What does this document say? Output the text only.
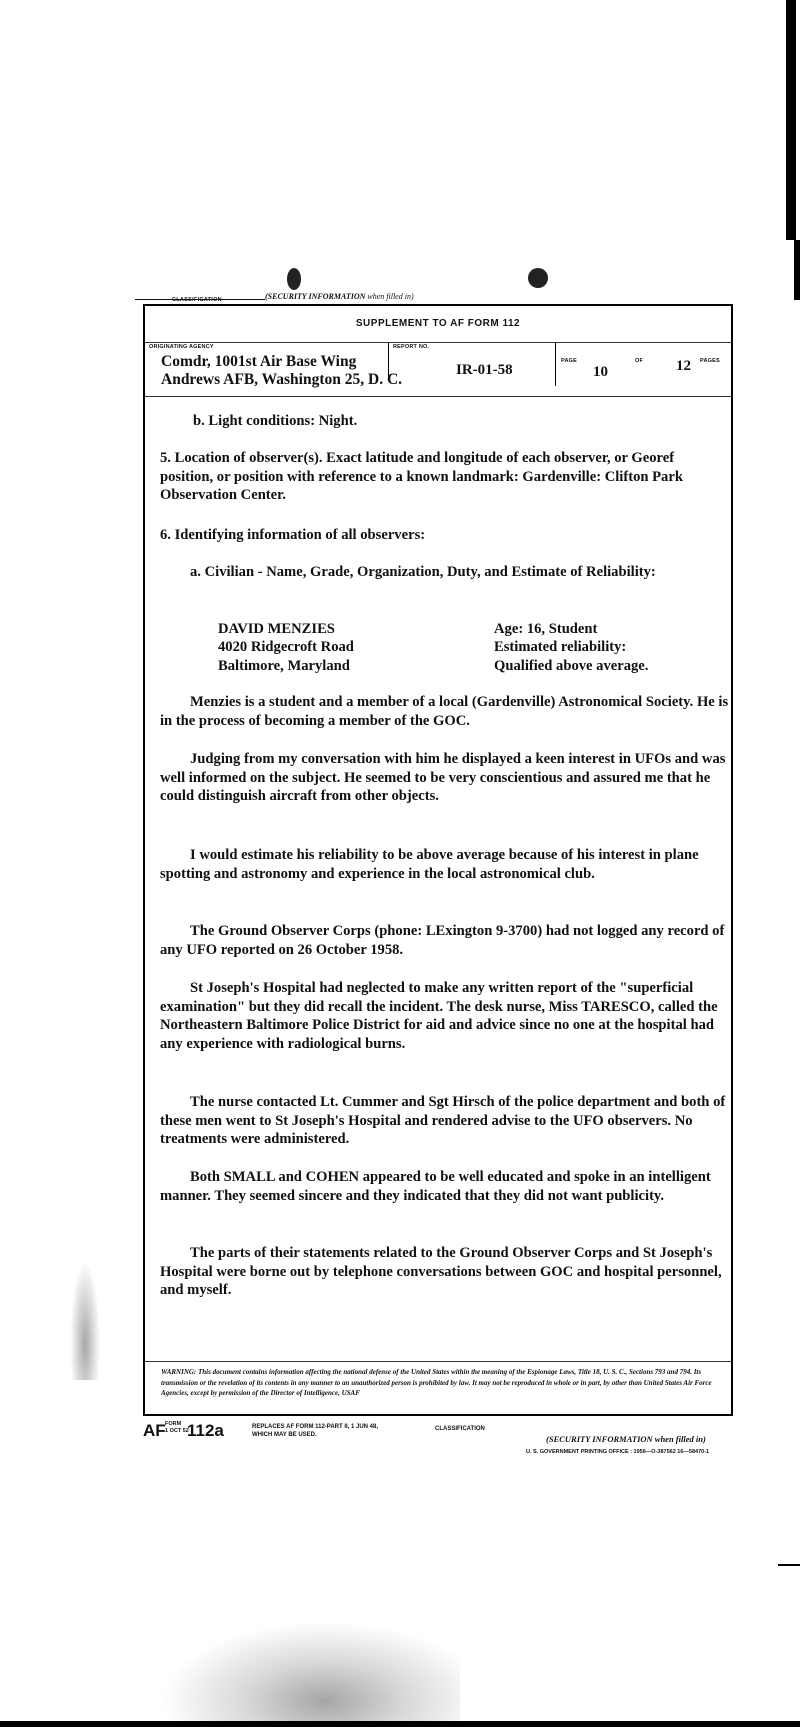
CLASSIFICATION	(SECURITY INFORMATION when filled in)
SUPPLEMENT TO AF FORM 112
ORIGINATING AGENCY
Comdr, 1001st Air Base Wing
Andrews AFB, Washington 25, D. C.
REPORT NO.
IR-01-58
PAGE
10
OF 12 PAGES
WARNING: This document contains information affecting the national defense of the United States within the meaning of the Espionage Laws, Title 18, U. S. C., Sections 793 and 794. Its transmission or the revelation of its contents in any manner to an unauthorized person is prohibited by law. It may not be reproduced in whole or in part, by other than United States Air Force Agencies, except by permission of the Director of Intelligence, USAF
b. Light conditions: Night.
5. Location of observer(s). Exact latitude and longitude of each observer, or Georef position, or position with reference to a known landmark: Gardenville: Clifton Park Observation Center.
6. Identifying information of all observers:
a. Civilian - Name, Grade, Organization, Duty, and Estimate of Reliability:
DAVID MENZIES
4020 Ridgecroft Road
Baltimore, Maryland
Age: 16, Student
Estimated reliability:
Qualified above average.
Menzies is a student and a member of a local (Gardenville) Astronomical Society. He is in the process of becoming a member of the GOC.
Judging from my conversation with him he displayed a keen interest in UFOs and was well informed on the subject. He seemed to be very conscientious and assured me that he could distinguish aircraft from other objects.
I would estimate his reliability to be above average because of his interest in plane spotting and astronomy and experience in the local astronomical club.
The Ground Observer Corps (phone: LExington 9-3700) had not logged any record of any UFO reported on 26 October 1958.
St Joseph's Hospital had neglected to make any written report of the "superficial examination" but they did recall the incident. The desk nurse, Miss TARESCO, called the Northeastern Baltimore Police District for aid and advice since no one at the hospital had any experience with radiological burns.
The nurse contacted Lt. Cummer and Sgt Hirsch of the police department and both of these men went to St Joseph's Hospital and rendered advise to the UFO observers. No treatments were administered.
Both SMALL and COHEN appeared to be well educated and spoke in an intelligent manner. They seemed sincere and they indicated that they did not want publicity.
The parts of their statements related to the Ground Observer Corps and St Joseph's Hospital were borne out by telephone conversations between GOC and hospital personnel, and myself.
AF FORM
1 OCT 52
112a	REPLACES AF FORM 112-PART II, 1 JUN 48,
WHICH MAY BE USED.
CLASSIFICATION
(SECURITY INFORMATION when filled in)
U. S. GOVERNMENT PRINTING OFFICE : 1956—O-387562 16—58470-1
